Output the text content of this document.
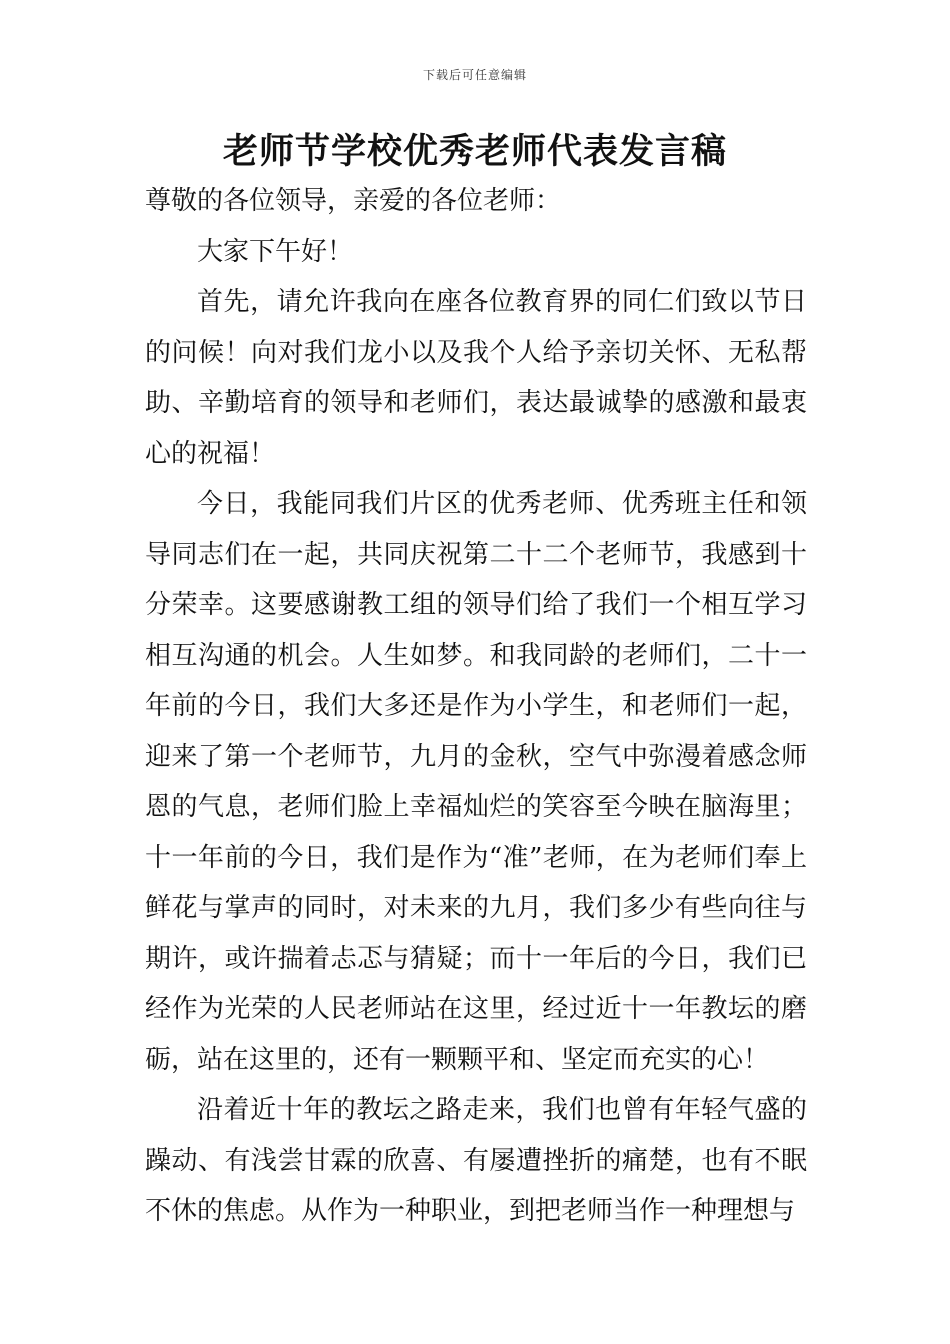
下载后可任意编辑
老师节学校优秀老师代表发言稿

尊敬的各位领导，亲爱的各位老师：

大家下午好！

首先，请允许我向在座各位教育界的同仁们致以节日的问候！向对我们龙小以及我个人给予亲切关怀、无私帮助、辛勤培育的领导和老师们，表达最诚挚的感激和最衷心的祝福！

今日，我能同我们片区的优秀老师、优秀班主任和领导同志们在一起，共同庆祝第二十二个老师节，我感到十分荣幸。这要感谢教工组的领导们给了我们一个相互学习相互沟通的机会。人生如梦。和我同龄的老师们，二十一年前的今日，我们大多还是作为小学生，和老师们一起，迎来了第一个老师节，九月的金秋，空气中弥漫着感念师恩的气息，老师们脸上幸福灿烂的笑容至今映在脑海里；十一年前的今日，我们是作为“准”老师，在为老师们奉上鲜花与掌声的同时，对未来的九月，我们多少有些向往与期许，或许揣着忐忑与猜疑；而十一年后的今日，我们已经作为光荣的人民老师站在这里，经过近十一年教坛的磨砺，站在这里的，还有一颗颗平和、坚定而充实的心！

沿着近十年的教坛之路走来，我们也曾有年轻气盛的躁动、有浅尝甘霖的欣喜、有屡遭挫折的痛楚，也有不眠不休的焦虑。从作为一种职业，到把老师当作一种理想与
